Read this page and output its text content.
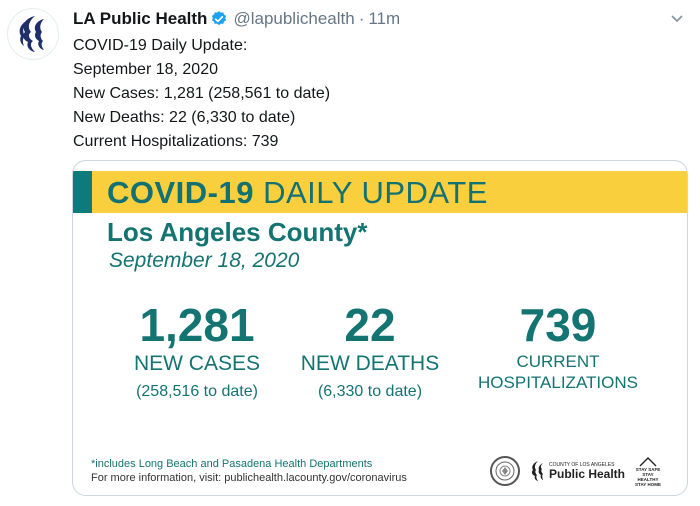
LA Public Health @lapublichealth · 11m
COVID-19 Daily Update:
September 18, 2020
New Cases: 1,281 (258,561 to date)
New Deaths: 22 (6,330 to date)
Current Hospitalizations: 739
COVID-19 DAILY UPDATE
Los Angeles County*
September 18, 2020
1,281
NEW CASES
(258,516 to date)
22
NEW DEATHS
(6,330 to date)
739
CURRENT
HOSPITALIZATIONS
*includes Long Beach and Pasadena Health Departments
For more information, visit: publichealth.lacounty.gov/coronavirus
COUNTY OF LOS ANGELES
Public Health STAY SAFE
STAY HEALTHY
STAY HOME
